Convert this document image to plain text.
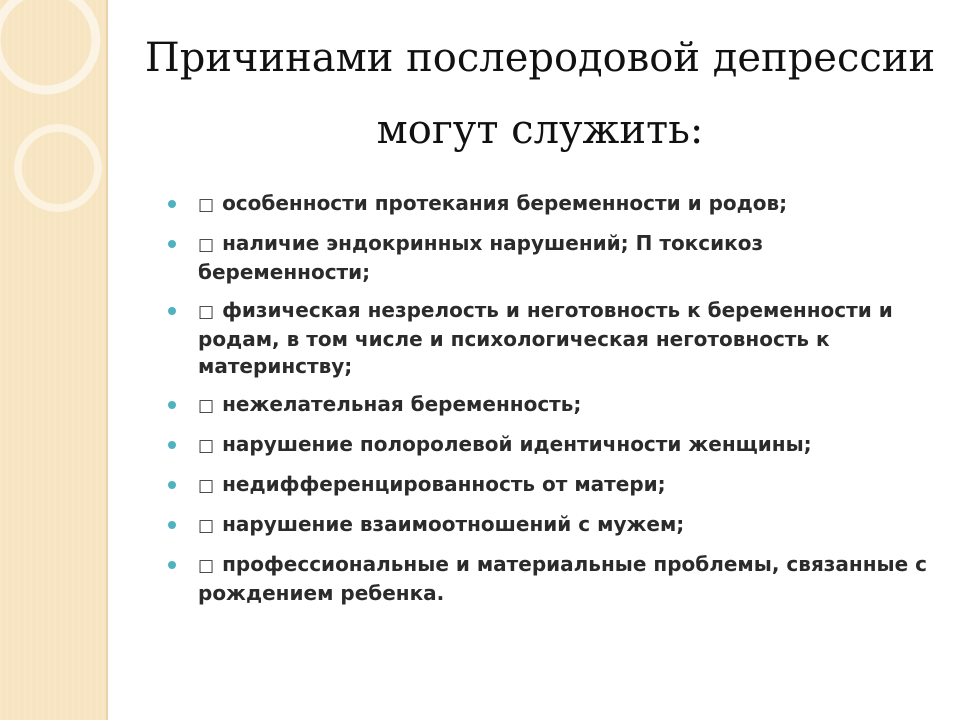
Причинами послеродовой депрессии
могут служить:
□ особенности протекания беременности и родов;
□ наличие эндокринных нарушений; П токсикоз беременности;
□ физическая незрелость и неготовность к беременности и родам, в том числе и психологическая неготовность к материнству;
□ нежелательная беременность;
□ нарушение полоролевой идентичности женщины;
□ недифференцированность от матери;
□ нарушение взаимоотношений с мужем;
□ профессиональные и материальные проблемы, связанные с рождением ребенка.
